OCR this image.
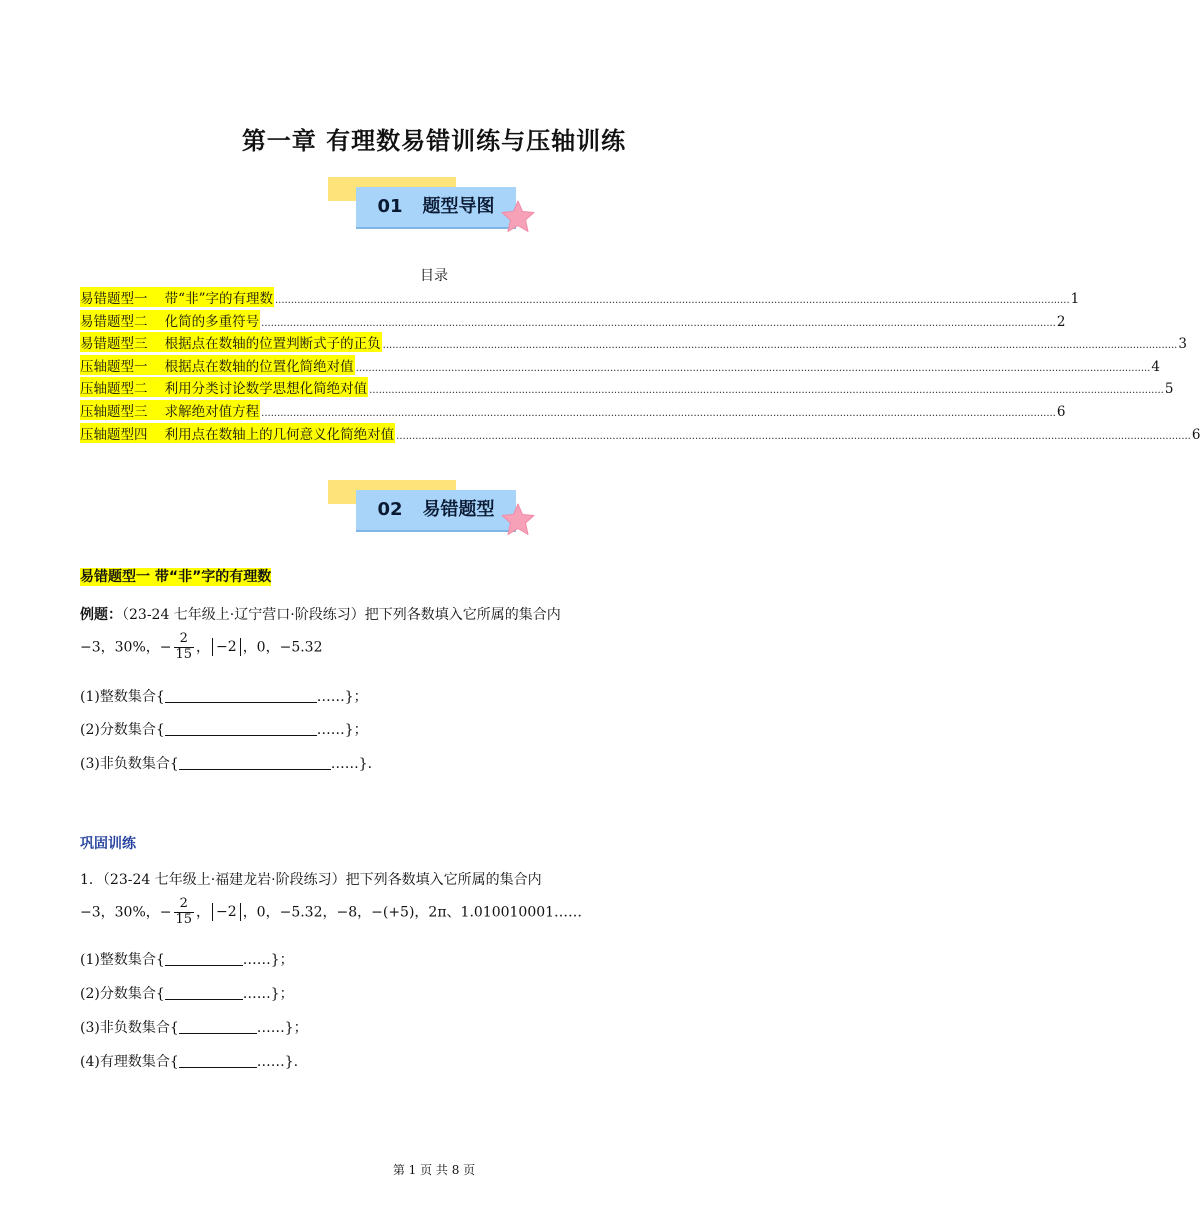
第一章 有理数易错训练与压轴训练
01 题型导图
目录
易错题型一    带“非”字的有理数 .......................................................................................................................................................................................................................................................... 1
易错题型二    化简的多重符号 .......................................................................................................................................................................................................................................................... 2
易错题型三    根据点在数轴的位置判断式子的正负 .......................................................................................................................................................................................................................................................... 3
压轴题型一    根据点在数轴的位置化简绝对值 .......................................................................................................................................................................................................................................................... 4
压轴题型二    利用分类讨论数学思想化简绝对值 .......................................................................................................................................................................................................................................................... 5
压轴题型三    求解绝对值方程 .......................................................................................................................................................................................................................................................... 6
压轴题型四    利用点在数轴上的几何意义化简绝对值 .......................................................................................................................................................................................................................................................... 6
02 易错题型
易错题型一 带“非”字的有理数
例题：（23-24 七年级上·辽宁营口·阶段练习）把下列各数填入它所属的集合内
−3，30%，− $\frac{2}{15}$ ， −2 ，0，−5.32
(1)整数集合{	……}；
(2)分数集合{	……}；
(3)非负数集合{	……}.
巩固训练
1．（23-24 七年级上·福建龙岩·阶段练习）把下列各数填入它所属的集合内
−3，30%，− $\frac{2}{15}$ ， −2 ，0，−5.32，−8，−(+5)，2π、1.010010001……
(1)整数集合{	……}；
(2)分数集合{	……}；
(3)非负数集合{	……}；
(4)有理数集合{	……}.
第 1 页 共 8 页
